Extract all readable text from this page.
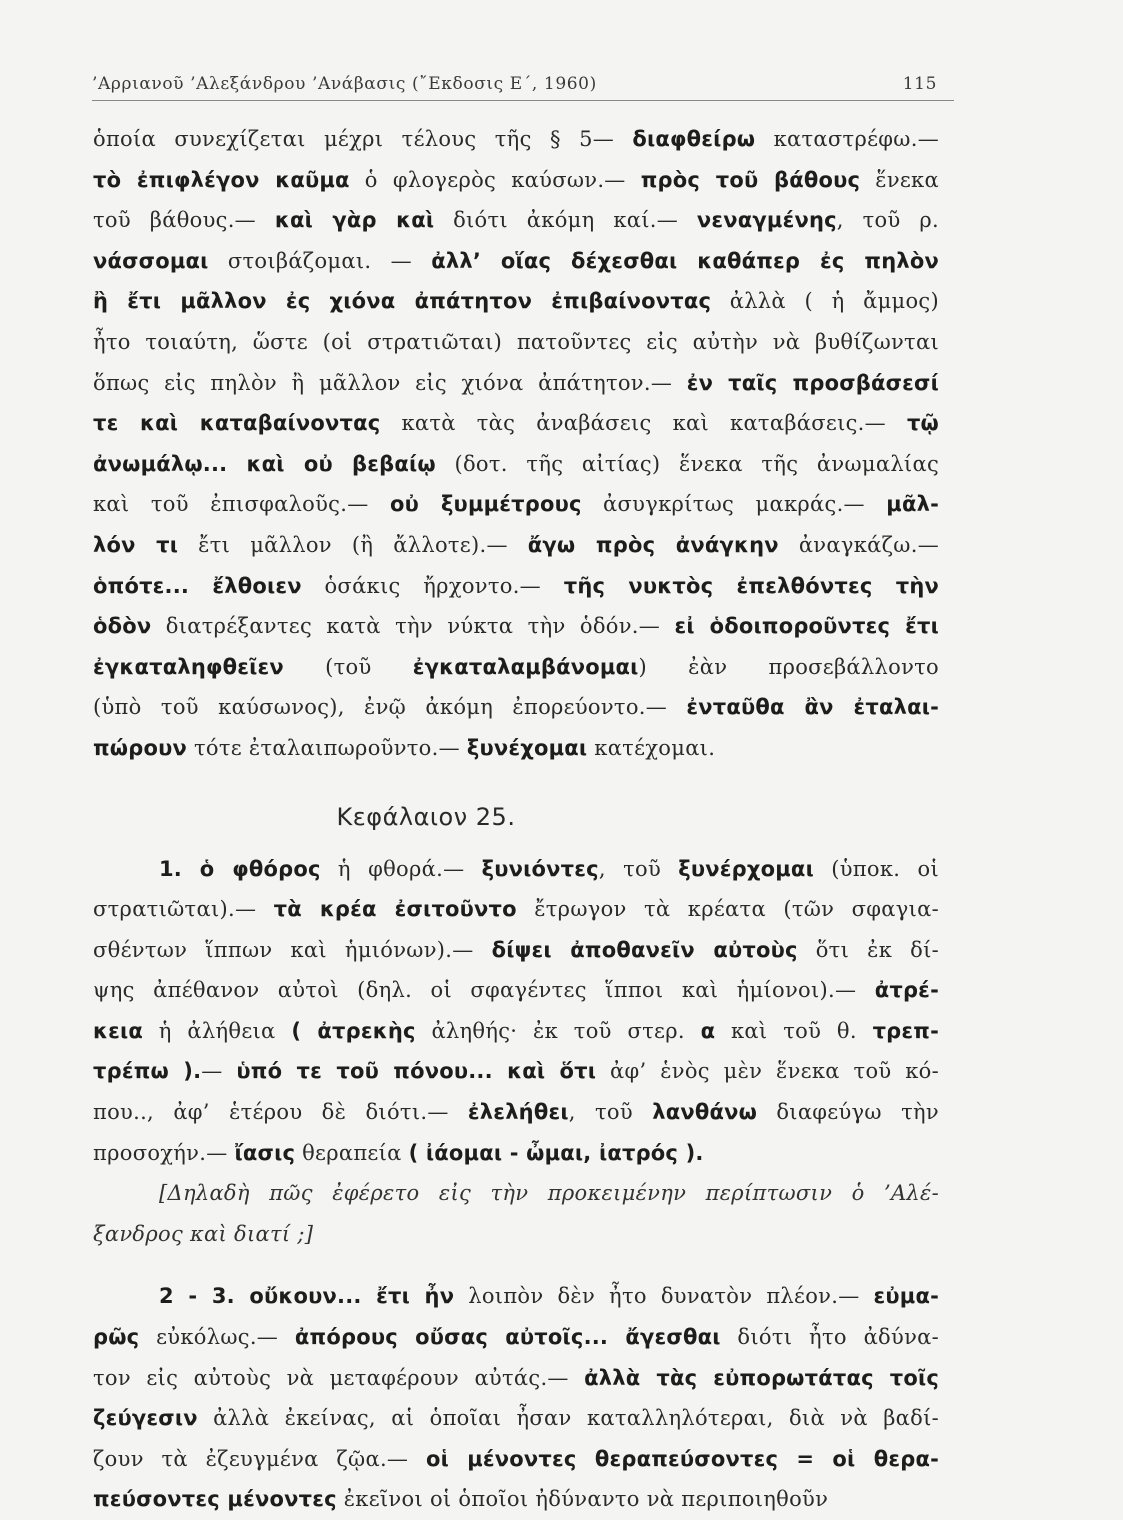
’Αρριανοῦ ’Αλεξάνδρου ’Ανάβασις (῎Εκδοσις Ε΄, 1960)	115
ὁποία συνεχίζεται μέχρι τέλους τῆς § 5— διαφθείρω καταστρέφω.—
τὸ ἐπιφλέγον καῦμα ὁ φλογερὸς καύσων.— πρὸς τοῦ βάθους ἕνεκα
τοῦ βάθους.— καὶ γὰρ καὶ διότι ἀκόμη καί.— νεναγμένης, τοῦ ρ.
νάσσομαι στοιβάζομαι. — ἀλλ’ οἵας δέχεσθαι καθάπερ ἐς πηλὸν
ἢ ἔτι μᾶλλον ἐς χιόνα ἀπάτητον ἐπιβαίνοντας ἀλλὰ ( ἡ ἄμμος)
ἦτο τοιαύτη, ὥστε (οἱ στρατιῶται) πατοῦντες εἰς αὐτὴν νὰ βυθίζωνται
ὅπως εἰς πηλὸν ἢ μᾶλλον εἰς χιόνα ἀπάτητον.— ἐν ταῖς προσβάσεσί
τε καὶ καταβαίνοντας κατὰ τὰς ἀναβάσεις καὶ καταβάσεις.— τῷ
ἀνωμάλῳ... καὶ οὐ βεβαίῳ (δοτ. τῆς αἰτίας) ἕνεκα τῆς ἀνωμαλίας
καὶ τοῦ ἐπισφαλοῦς.— οὐ ξυμμέτρους ἀσυγκρίτως μακράς.— μᾶλ-
λόν τι ἔτι μᾶλλον (ἢ ἄλλοτε).— ἄγω πρὸς ἀνάγκην ἀναγκάζω.—
ὁπότε... ἔλθοιεν ὁσάκις ἤρχοντο.— τῆς νυκτὸς ἐπελθόντες τὴν
ὁδὸν διατρέξαντες κατὰ τὴν νύκτα τὴν ὁδόν.— εἰ ὁδοιποροῦντες ἔτι
ἐγκαταληφθεῖεν (τοῦ ἐγκαταλαμβάνομαι) ἐὰν προσεβάλλοντο
(ὑπὸ τοῦ καύσωνος), ἐνῷ ἀκόμη ἐπορεύοντο.— ἐνταῦθα ἂν ἐταλαι-
πώρουν τότε ἐταλαιπωροῦντο.— ξυνέχομαι κατέχομαι.
Κεφάλαιον 25.
1. ὁ φθόρος ἡ φθορά.— ξυνιόντες, τοῦ ξυνέρχομαι (ὑποκ. οἱ
στρατιῶται).— τὰ κρέα ἐσιτοῦντο ἔτρωγον τὰ κρέατα (τῶν σφαγια-
σθέντων ἵππων καὶ ἡμιόνων).— δίψει ἀποθανεῖν αὐτοὺς ὅτι ἐκ δί-
ψης ἀπέθανον αὐτοὶ (δηλ. οἱ σφαγέντες ἵπποι καὶ ἡμίονοι).— ἀτρέ-
κεια ἡ ἀλήθεια ( ἀτρεκὴς ἀληθής· ἐκ τοῦ στερ. α καὶ τοῦ θ. τρεπ-
τρέπω ).— ὑπό τε τοῦ πόνου... καὶ ὅτι ἀφ’ ἑνὸς μὲν ἕνεκα τοῦ κό-
που.., ἀφ’ ἑτέρου δὲ διότι.— ἐλελήθει, τοῦ λανθάνω διαφεύγω τὴν
προσοχήν.— ἴασις θεραπεία ( ἰάομαι - ὦμαι, ἰατρός ).
[Δηλαδὴ πῶς ἐφέρετο εἰς τὴν προκειμένην περίπτωσιν ὁ ’Αλέ-
ξανδρος καὶ διατί ;]
2 - 3. οὔκουν... ἔτι ἦν λοιπὸν δὲν ἦτο δυνατὸν πλέον.— εὐμα-
ρῶς εὐκόλως.— ἀπόρους οὔσας αὐτοῖς... ἄγεσθαι διότι ἦτο ἀδύνα-
τον εἰς αὐτοὺς νὰ μεταφέρουν αὐτάς.— ἀλλὰ τὰς εὐπορωτάτας τοῖς
ζεύγεσιν ἀλλὰ ἐκείνας, αἱ ὁποῖαι ἦσαν καταλληλότεραι, διὰ νὰ βαδί-
ζουν τὰ ἐζευγμένα ζῷα.— οἱ μένοντες θεραπεύσοντες = οἱ θερα-
πεύσοντες μένοντες ἐκεῖνοι οἱ ὁποῖοι ἠδύναντο νὰ περιποιηθοῦν
